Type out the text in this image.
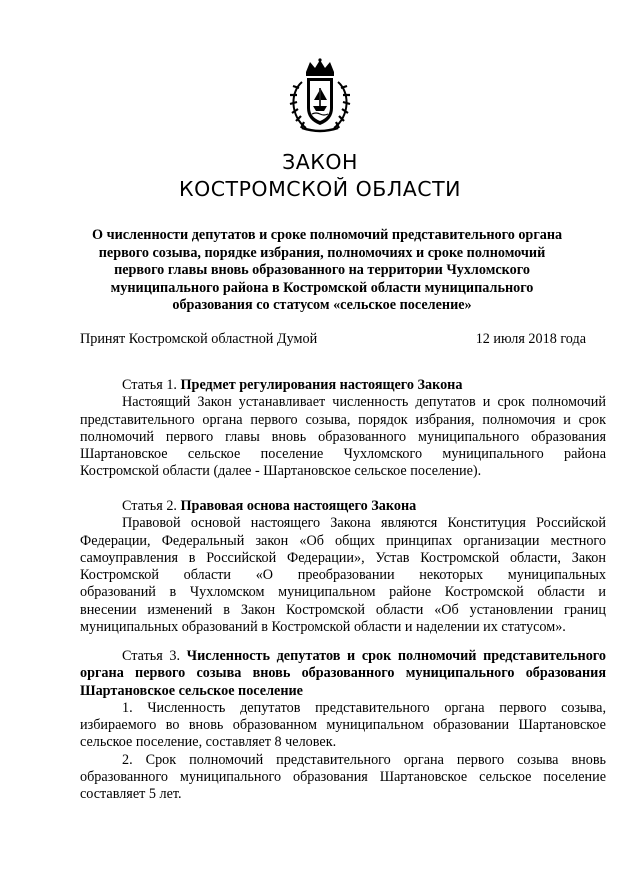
ЗАКОН
КОСТРОМСКОЙ ОБЛАСТИ
О численности депутатов и сроке полномочий представительного органа
первого созыва, порядке избрания, полномочиях и сроке полномочий
первого главы вновь образованного на территории Чухломского
муниципального района в Костромской области муниципального
образования со статусом «сельское поселение»
Принят Костромской областной Думой	12 июля 2018 года
Статья 1. Предмет регулирования настоящего Закона
Настоящий Закон устанавливает численность депутатов и срок полномочий
представительного органа первого созыва, порядок избрания, полномочия и срок
полномочий первого главы вновь образованного муниципального образования
Шартановское сельское поселение Чухломского муниципального района
Костромской области (далее - Шартановское сельское поселение).
Статья 2. Правовая основа настоящего Закона
Правовой основой настоящего Закона являются Конституция Российской
Федерации, Федеральный закон «Об общих принципах организации местного
самоуправления в Российской Федерации», Устав Костромской области, Закон
Костромской области «О преобразовании некоторых муниципальных
образований в Чухломском муниципальном районе Костромской области и
внесении изменений в Закон Костромской области «Об установлении границ
муниципальных образований в Костромской области и наделении их статусом».
Статья 3. Численность депутатов и срок полномочий представительного
органа первого созыва вновь образованного муниципального образования
Шартановское сельское поселение
1. Численность депутатов представительного органа первого созыва,
избираемого во вновь образованном муниципальном образовании Шартановское
сельское поселение, составляет 8 человек.
2. Срок полномочий представительного органа первого созыва вновь
образованного муниципального образования Шартановское сельское поселение
составляет 5 лет.
